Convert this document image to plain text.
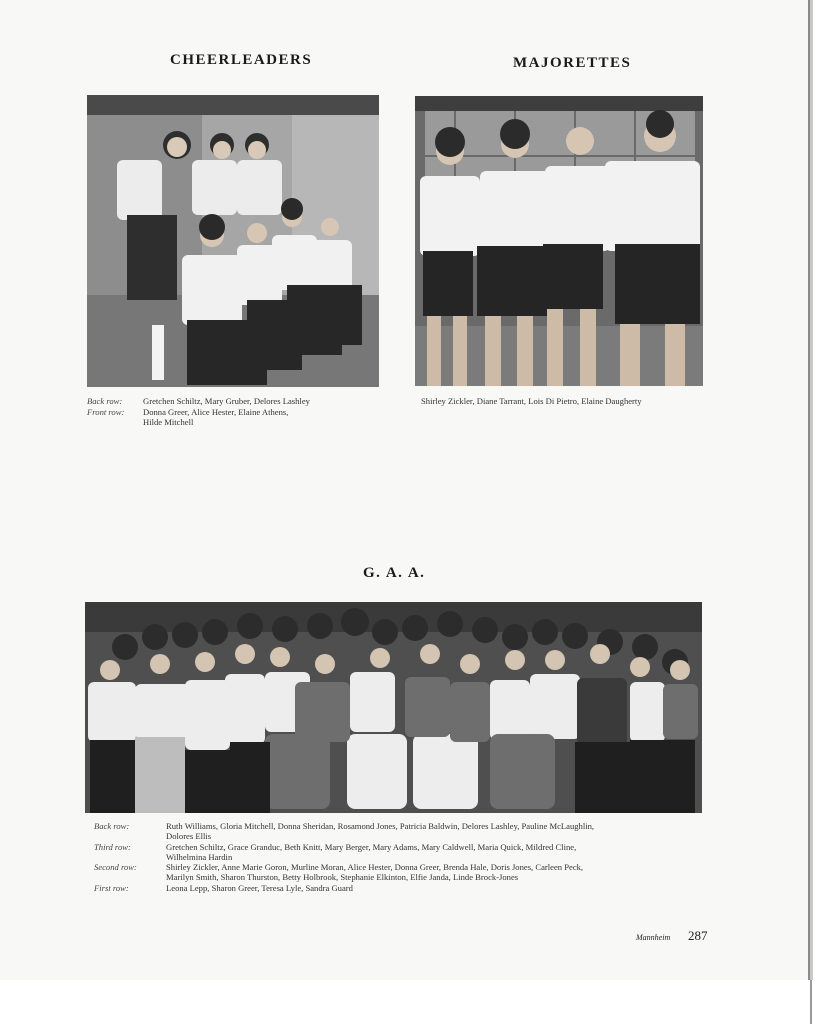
CHEERLEADERS
Back row: Gretchen Schiltz, Mary Gruber, Delores Lashley
Front row: Donna Greer, Alice Hester, Elaine Athens,
Hilde Mitchell
MAJORETTES
Shirley Zickler, Diane Tarrant, Lois Di Pietro, Elaine Daugherty
G. A. A.
Back row:	Ruth Williams, Gloria Mitchell, Donna Sheridan, Rosamond Jones, Patricia Baldwin, Delores Lashley, Pauline McLaughlin,
Dolores Ellis
Third row:	Gretchen Schiltz, Grace Granduc, Beth Knitt, Mary Berger, Mary Adams, Mary Caldwell, Maria Quick, Mildred Cline,
Wilhelmina Hardin
Second row:	Shirley Zickler, Anne Marie Goron, Murline Moran, Alice Hester, Donna Greer, Brenda Hale, Doris Jones, Carleen Peck,
Marilyn Smith, Sharon Thurston, Betty Holbrook, Stephanie Elkinton, Elfie Janda, Linde Brock-Jones
First row:	Leona Lepp, Sharon Greer, Teresa Lyle, Sandra Guard
Mannheim 287
